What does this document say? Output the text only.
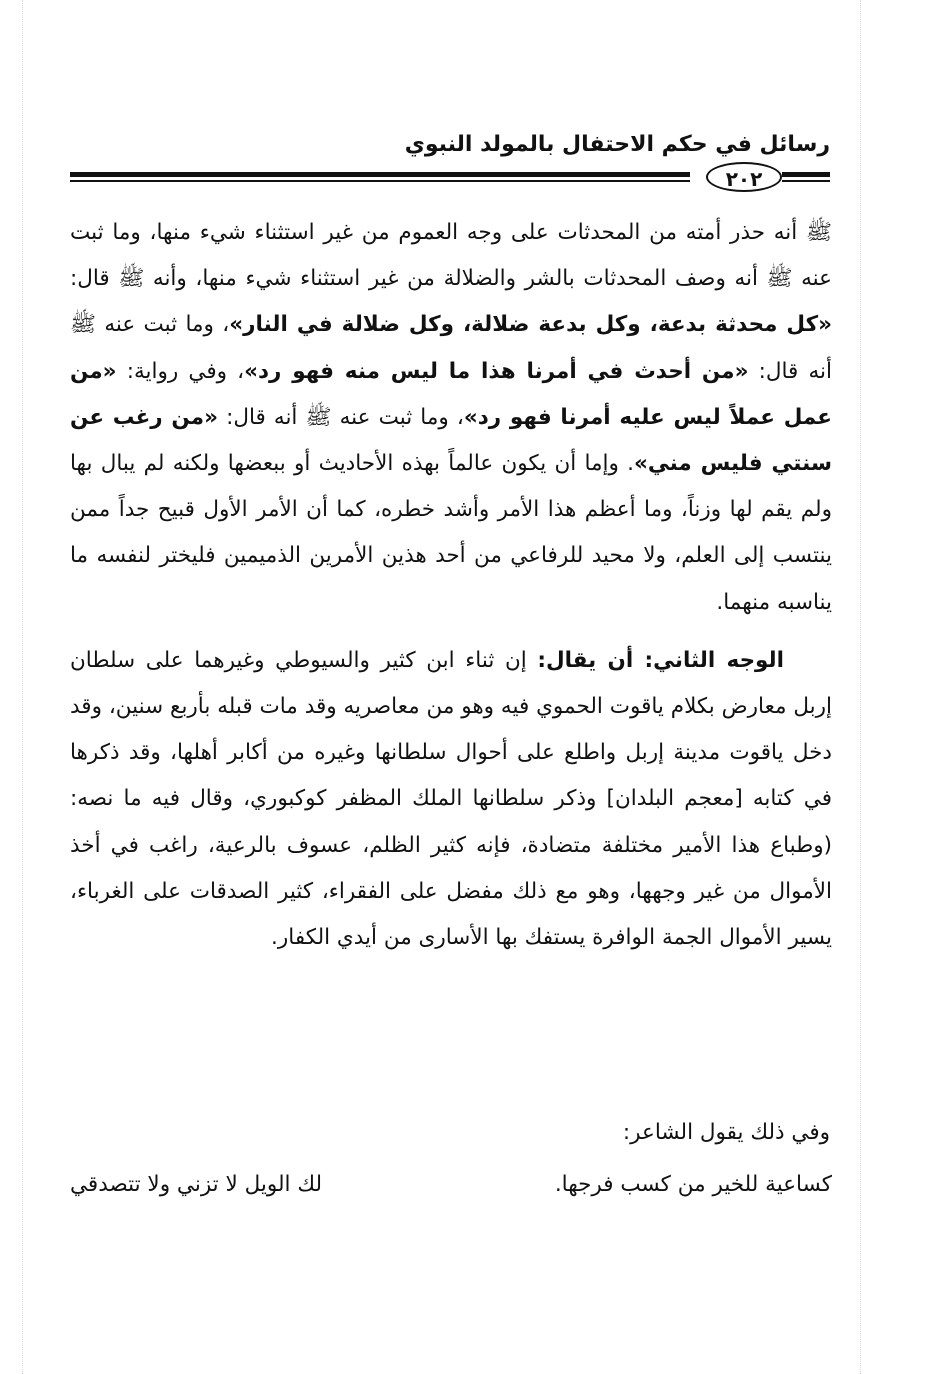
رسائل في حكم الاحتفال بالمولد النبوي
٢٠٢

ﷺ أنه حذر أمته من المحدثات على وجه العموم من غير استثناء شيء منها، وما ثبت عنه ﷺ أنه وصف المحدثات بالشر والضلالة من غير استثناء شيء منها، وأنه ﷺ قال: «كل محدثة بدعة، وكل بدعة ضلالة، وكل ضلالة في النار»، وما ثبت عنه ﷺ أنه قال: «من أحدث في أمرنا هذا ما ليس منه فهو رد»، وفي رواية: «من عمل عملاً ليس عليه أمرنا فهو رد»، وما ثبت عنه ﷺ أنه قال: «من رغب عن سنتي فليس مني». وإما أن يكون عالماً بهذه الأحاديث أو ببعضها ولكنه لم يبال بها ولم يقم لها وزناً، وما أعظم هذا الأمر وأشد خطره، كما أن الأمر الأول قبيح جداً ممن ينتسب إلى العلم، ولا محيد للرفاعي من أحد هذين الأمرين الذميمين فليختر لنفسه ما يناسبه منهما.

الوجه الثاني: أن يقال: إن ثناء ابن كثير والسيوطي وغيرهما على سلطان إربل معارض بكلام ياقوت الحموي فيه وهو من معاصريه وقد مات قبله بأربع سنين، وقد دخل ياقوت مدينة إربل واطلع على أحوال سلطانها وغيره من أكابر أهلها، وقد ذكرها في كتابه [معجم البلدان] وذكر سلطانها الملك المظفر كوكبوري، وقال فيه ما نصه: (وطباع هذا الأمير مختلفة متضادة، فإنه كثير الظلم، عسوف بالرعية، راغب في أخذ الأموال من غير وجهها، وهو مع ذلك مفضل على الفقراء، كثير الصدقات على الغرباء، يسير الأموال الجمة الوافرة يستفك بها الأسارى من أيدي الكفار.

وفي ذلك يقول الشاعر:
كساعية للخير من كسب فرجها.
لك الويل لا تزني ولا تتصدقي
